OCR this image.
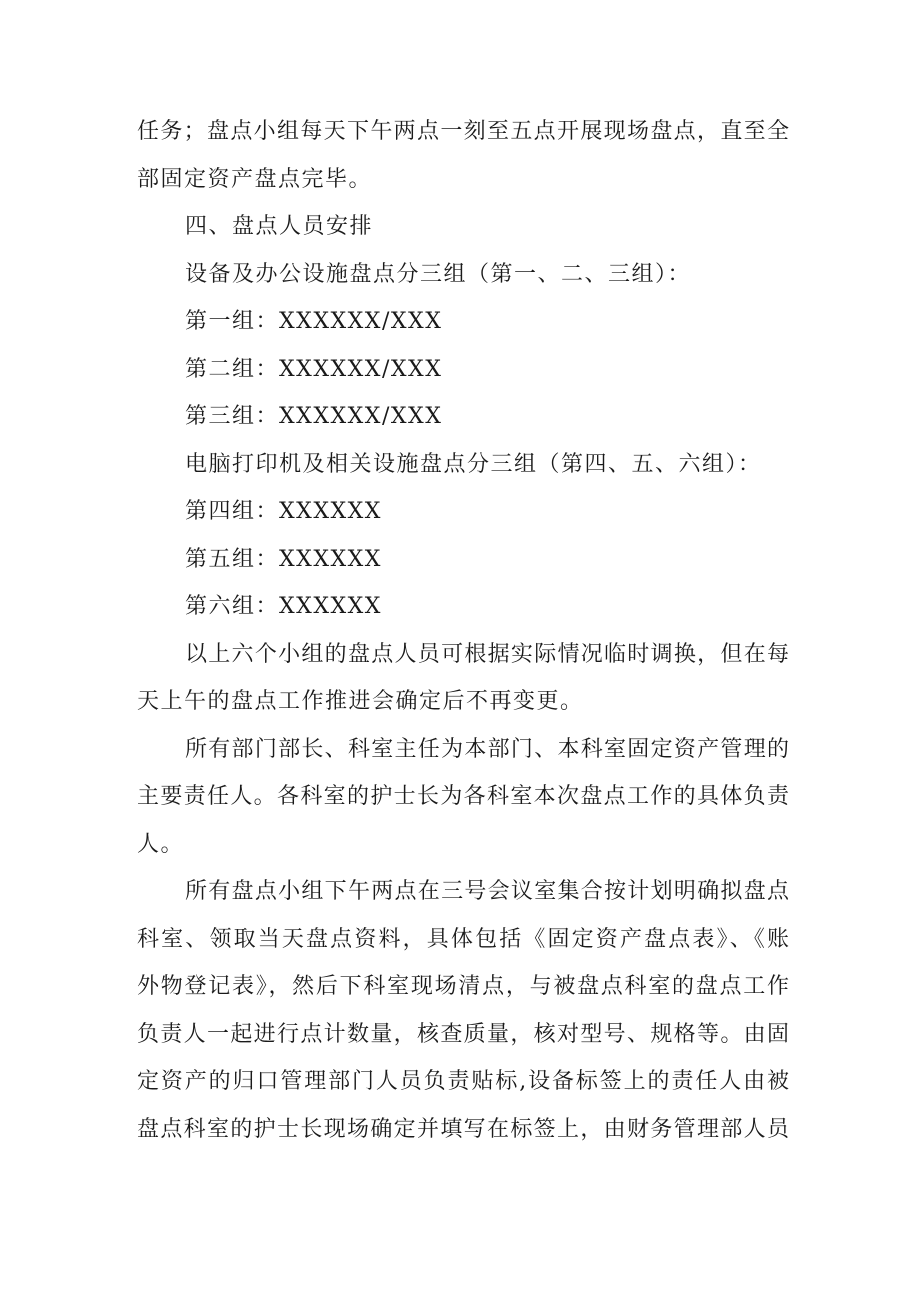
任务；盘点小组每天下午两点一刻至五点开展现场盘点，直至全
部固定资产盘点完毕。
四、盘点人员安排
设备及办公设施盘点分三组（第一、二、三组）：
第一组：XXXXXX/XXX
第二组：XXXXXX/XXX
第三组：XXXXXX/XXX
电脑打印机及相关设施盘点分三组（第四、五、六组）：
第四组：XXXXXX
第五组：XXXXXX
第六组：XXXXXX
以上六个小组的盘点人员可根据实际情况临时调换，但在每
天上午的盘点工作推进会确定后不再变更。
所有部门部长、科室主任为本部门、本科室固定资产管理的
主要责任人。各科室的护士长为各科室本次盘点工作的具体负责
人。
所有盘点小组下午两点在三号会议室集合按计划明确拟盘点
科室、领取当天盘点资料，具体包括《固定资产盘点表》、《账
外物登记表》，然后下科室现场清点，与被盘点科室的盘点工作
负责人一起进行点计数量，核查质量，核对型号、规格等。由固
定资产的归口管理部门人员负责贴标,设备标签上的责任人由被
盘点科室的护士长现场确定并填写在标签上，由财务管理部人员
